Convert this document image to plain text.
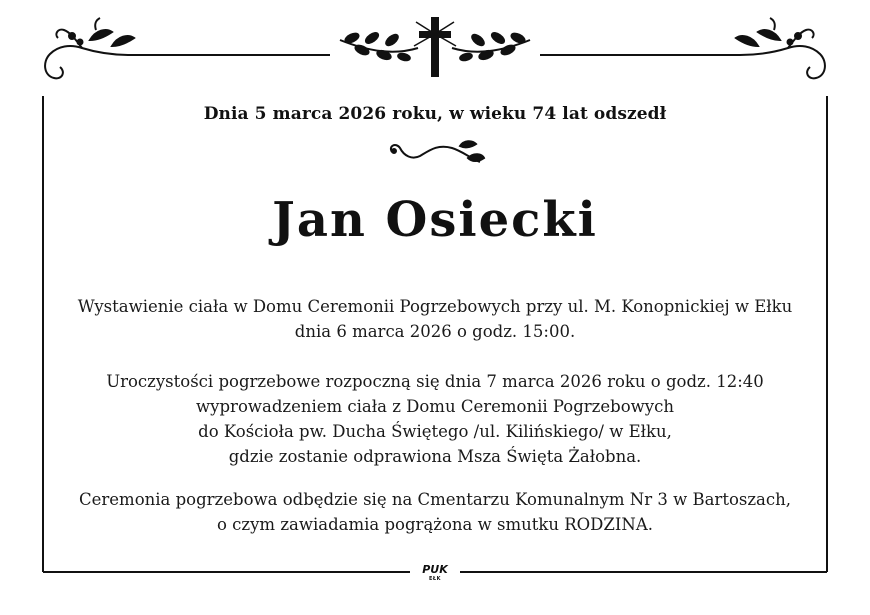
Dnia 5 marca 2026 roku, w wieku 74 lat odszedł
Jan Osiecki
Wystawienie ciała w Domu Ceremonii Pogrzebowych przy ul. M. Konopnickiej w Ełku
dnia 6 marca 2026 o godz. 15:00.
Uroczystości pogrzebowe rozpoczną się dnia 7 marca 2026 roku o godz. 12:40
wyprowadzeniem ciała z Domu Ceremonii Pogrzebowych
do Kościoła pw. Ducha Świętego /ul. Kilińskiego/ w Ełku,
gdzie zostanie odprawiona Msza Święta Żałobna.
Ceremonia pogrzebowa odbędzie się na Cmentarzu Komunalnym Nr 3 w Bartoszach,
o czym zawiadamia pogrążona w smutku RODZINA.
PUK
EŁK
